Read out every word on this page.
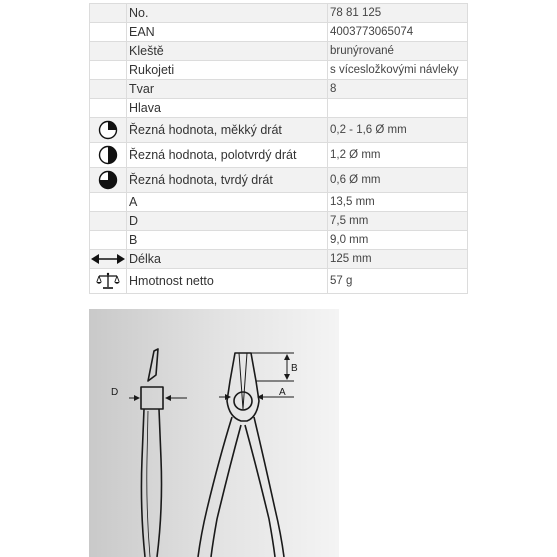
	No.	78 81 125
	EAN	4003773065074
	Kleště	brunýrované
	Rukojeti	s vícesložkovými návleky
	Tvar	8
	Hlava	

	Řezná hodnota, měkký drát	0,2 - 1,6 Ø mm

	Řezná hodnota, polotvrdý drát	1,2 Ø mm

	Řezná hodnota, tvrdý drát	0,6 Ø mm
	A	13,5 mm
	D	7,5 mm
	B	9,0 mm

	Délka	125 mm

	Hmotnost netto	57 g
D	A
B
